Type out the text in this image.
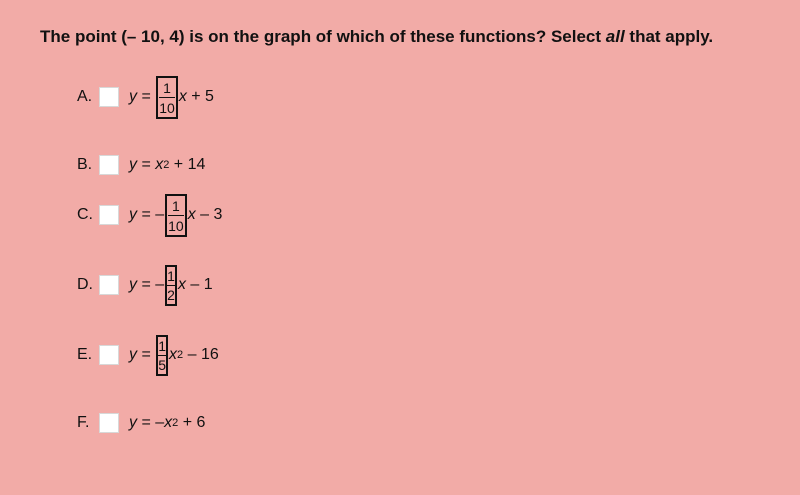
The point (– 10, 4) is on the graph of which of these functions? Select all that apply.
A.	$y = \frac{1}{10}$ x + 5
B.	y = x 2 + 14
C. y = – $\frac{1}{10}$ x – 3
D. y = – $\frac{1}{2}$ x – 1
E.	$y = \frac{1}{5}$ x 2 – 16
F.	y = – x 2 + 6
